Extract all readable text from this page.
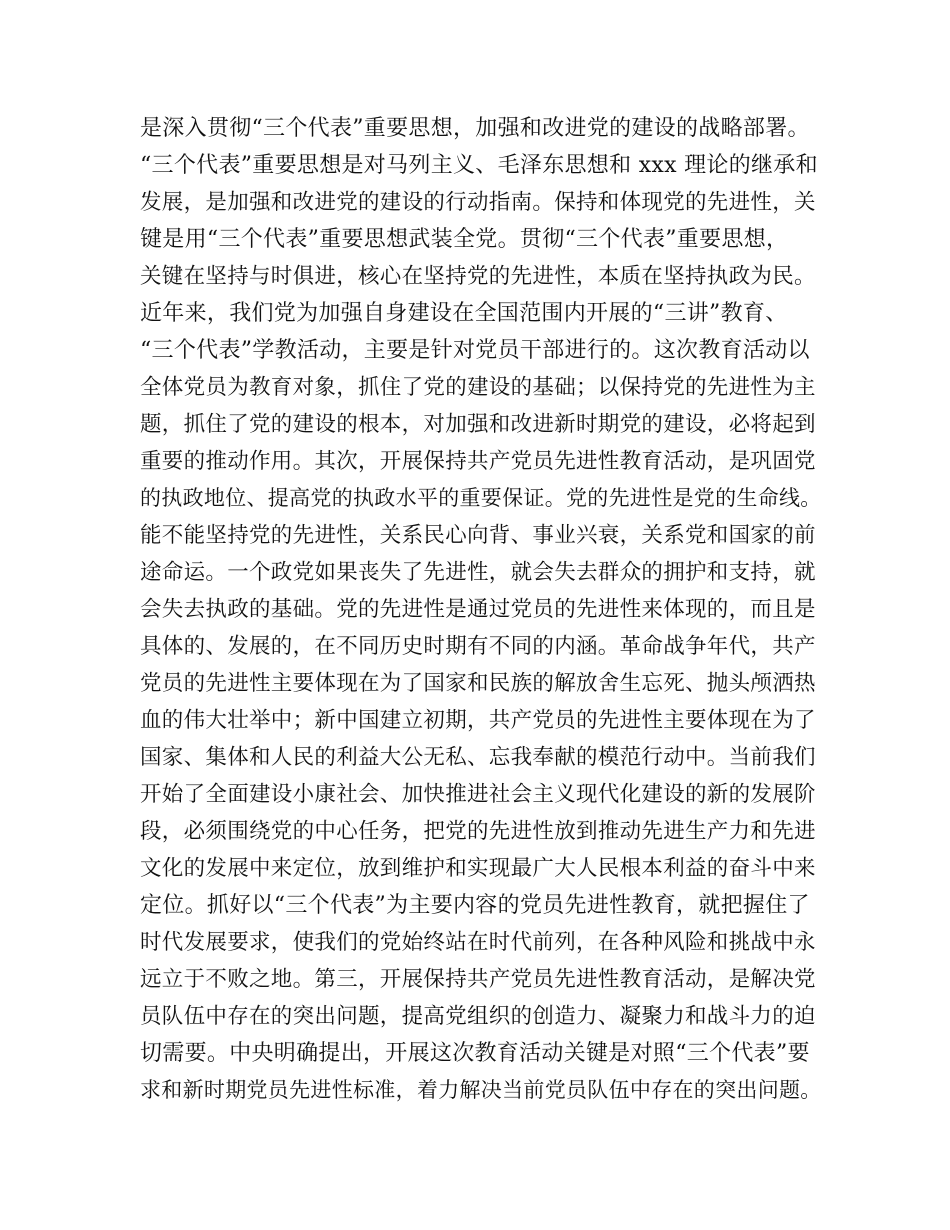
是深入贯彻“三个代表”重要思想，加强和改进党的建设的战略部署。
“三个代表”重要思想是对马列主义、毛泽东思想和 xxx 理论的继承和
发展，是加强和改进党的建设的行动指南。保持和体现党的先进性，关
键是用“三个代表”重要思想武装全党。贯彻“三个代表”重要思想，
关键在坚持与时俱进，核心在坚持党的先进性，本质在坚持执政为民。
近年来，我们党为加强自身建设在全国范围内开展的“三讲”教育、
“三个代表”学教活动，主要是针对党员干部进行的。这次教育活动以
全体党员为教育对象，抓住了党的建设的基础；以保持党的先进性为主
题，抓住了党的建设的根本，对加强和改进新时期党的建设，必将起到
重要的推动作用。其次，开展保持共产党员先进性教育活动，是巩固党
的执政地位、提高党的执政水平的重要保证。党的先进性是党的生命线。
能不能坚持党的先进性，关系民心向背、事业兴衰，关系党和国家的前
途命运。一个政党如果丧失了先进性，就会失去群众的拥护和支持，就
会失去执政的基础。党的先进性是通过党员的先进性来体现的，而且是
具体的、发展的，在不同历史时期有不同的内涵。革命战争年代，共产
党员的先进性主要体现在为了国家和民族的解放舍生忘死、抛头颅洒热
血的伟大壮举中；新中国建立初期，共产党员的先进性主要体现在为了
国家、集体和人民的利益大公无私、忘我奉献的模范行动中。当前我们
开始了全面建设小康社会、加快推进社会主义现代化建设的新的发展阶
段，必须围绕党的中心任务，把党的先进性放到推动先进生产力和先进
文化的发展中来定位，放到维护和实现最广大人民根本利益的奋斗中来
定位。抓好以“三个代表”为主要内容的党员先进性教育，就把握住了
时代发展要求，使我们的党始终站在时代前列，在各种风险和挑战中永
远立于不败之地。第三，开展保持共产党员先进性教育活动，是解决党
员队伍中存在的突出问题，提高党组织的创造力、凝聚力和战斗力的迫
切需要。中央明确提出，开展这次教育活动关键是对照“三个代表”要
求和新时期党员先进性标准，着力解决当前党员队伍中存在的突出问题。
